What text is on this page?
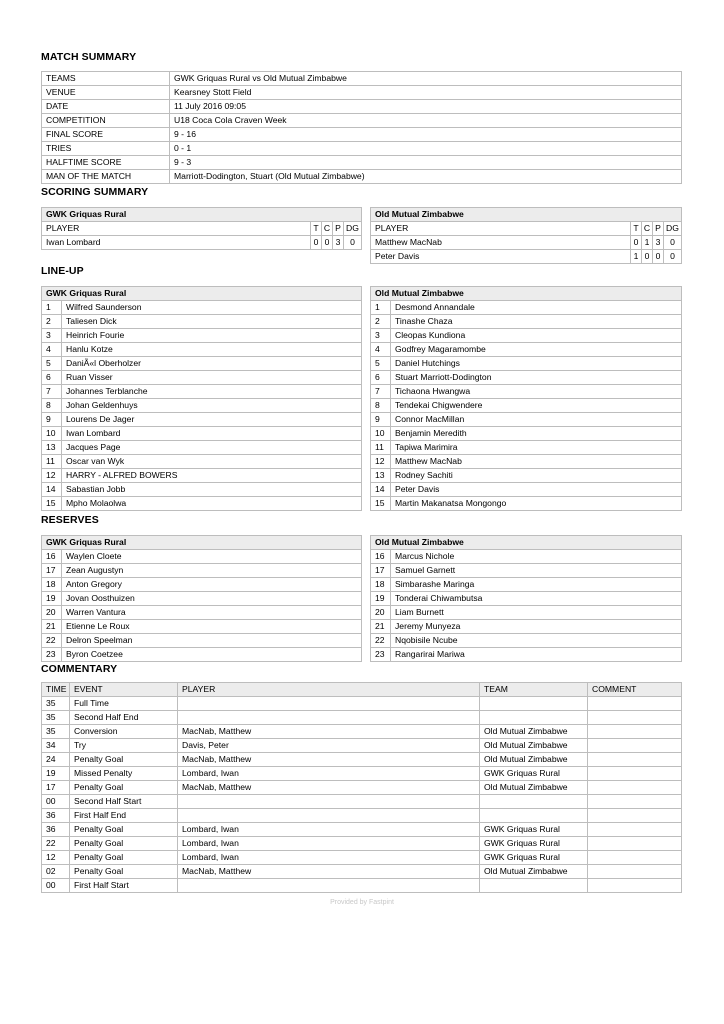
MATCH SUMMARY
TEAMS	GWK Griquas Rural vs Old Mutual Zimbabwe
VENUE	Kearsney Stott Field
DATE	11 July 2016 09:05
COMPETITION	U18 Coca Cola Craven Week
FINAL SCORE	9 - 16
TRIES	0 - 1
HALFTIME SCORE	9 - 3
MAN OF THE MATCH	Marriott-Dodington, Stuart (Old Mutual Zimbabwe)
SCORING SUMMARY
GWK Griquas Rural				
PLAYER	T	C	P	DG
Iwan Lombard	0	0	3	0
Old Mutual Zimbabwe				
PLAYER	T	C	P	DG
Matthew MacNab	0	1	3	0
Peter Davis	1	0	0	0
LINE-UP
GWK Griquas Rural	
1	Wilfred Saunderson
2	Taliesen Dick
3	Heinrich Fourie
4	Hanlu Kotze
5	DaniÃ«l Oberholzer
6	Ruan Visser
7	Johannes Terblanche
8	Johan Geldenhuys
9	Lourens De Jager
10	Iwan Lombard
13	Jacques Page
11	Oscar van Wyk
12	HARRY - ALFRED BOWERS
14	Sabastian Jobb
15	Mpho Molaolwa
Old Mutual Zimbabwe	
1	Desmond Annandale
2	Tinashe Chaza
3	Cleopas Kundiona
4	Godfrey Magaramombe
5	Daniel Hutchings
6	Stuart Marriott-Dodington
7	Tichaona Hwangwa
8	Tendekai Chigwendere
9	Connor MacMillan
10	Benjamin Meredith
11	Tapiwa Marimira
12	Matthew MacNab
13	Rodney Sachiti
14	Peter Davis
15	Martin Makanatsa Mongongo
RESERVES
GWK Griquas Rural	
16	Waylen Cloete
17	Zean Augustyn
18	Anton Gregory
19	Jovan Oosthuizen
20	Warren Vantura
21	Etienne Le Roux
22	Delron Speelman
23	Byron Coetzee
Old Mutual Zimbabwe	
16	Marcus Nichole
17	Samuel Garnett
18	Simbarashe Maringa
19	Tonderai Chiwambutsa
20	Liam Burnett
21	Jeremy Munyeza
22	Nqobisile Ncube
23	Rangarirai Mariwa
COMMENTARY
TIME	EVENT	PLAYER	TEAM	COMMENT
35	Full Time			
35	Second Half End			
35	Conversion	MacNab, Matthew	Old Mutual Zimbabwe	
34	Try	Davis, Peter	Old Mutual Zimbabwe	
24	Penalty Goal	MacNab, Matthew	Old Mutual Zimbabwe	
19	Missed Penalty	Lombard, Iwan	GWK Griquas Rural	
17	Penalty Goal	MacNab, Matthew	Old Mutual Zimbabwe	
00	Second Half Start			
36	First Half End			
36	Penalty Goal	Lombard, Iwan	GWK Griquas Rural	
22	Penalty Goal	Lombard, Iwan	GWK Griquas Rural	
12	Penalty Goal	Lombard, Iwan	GWK Griquas Rural	
02	Penalty Goal	MacNab, Matthew	Old Mutual Zimbabwe	
00	First Half Start			
Provided by Fastpint
